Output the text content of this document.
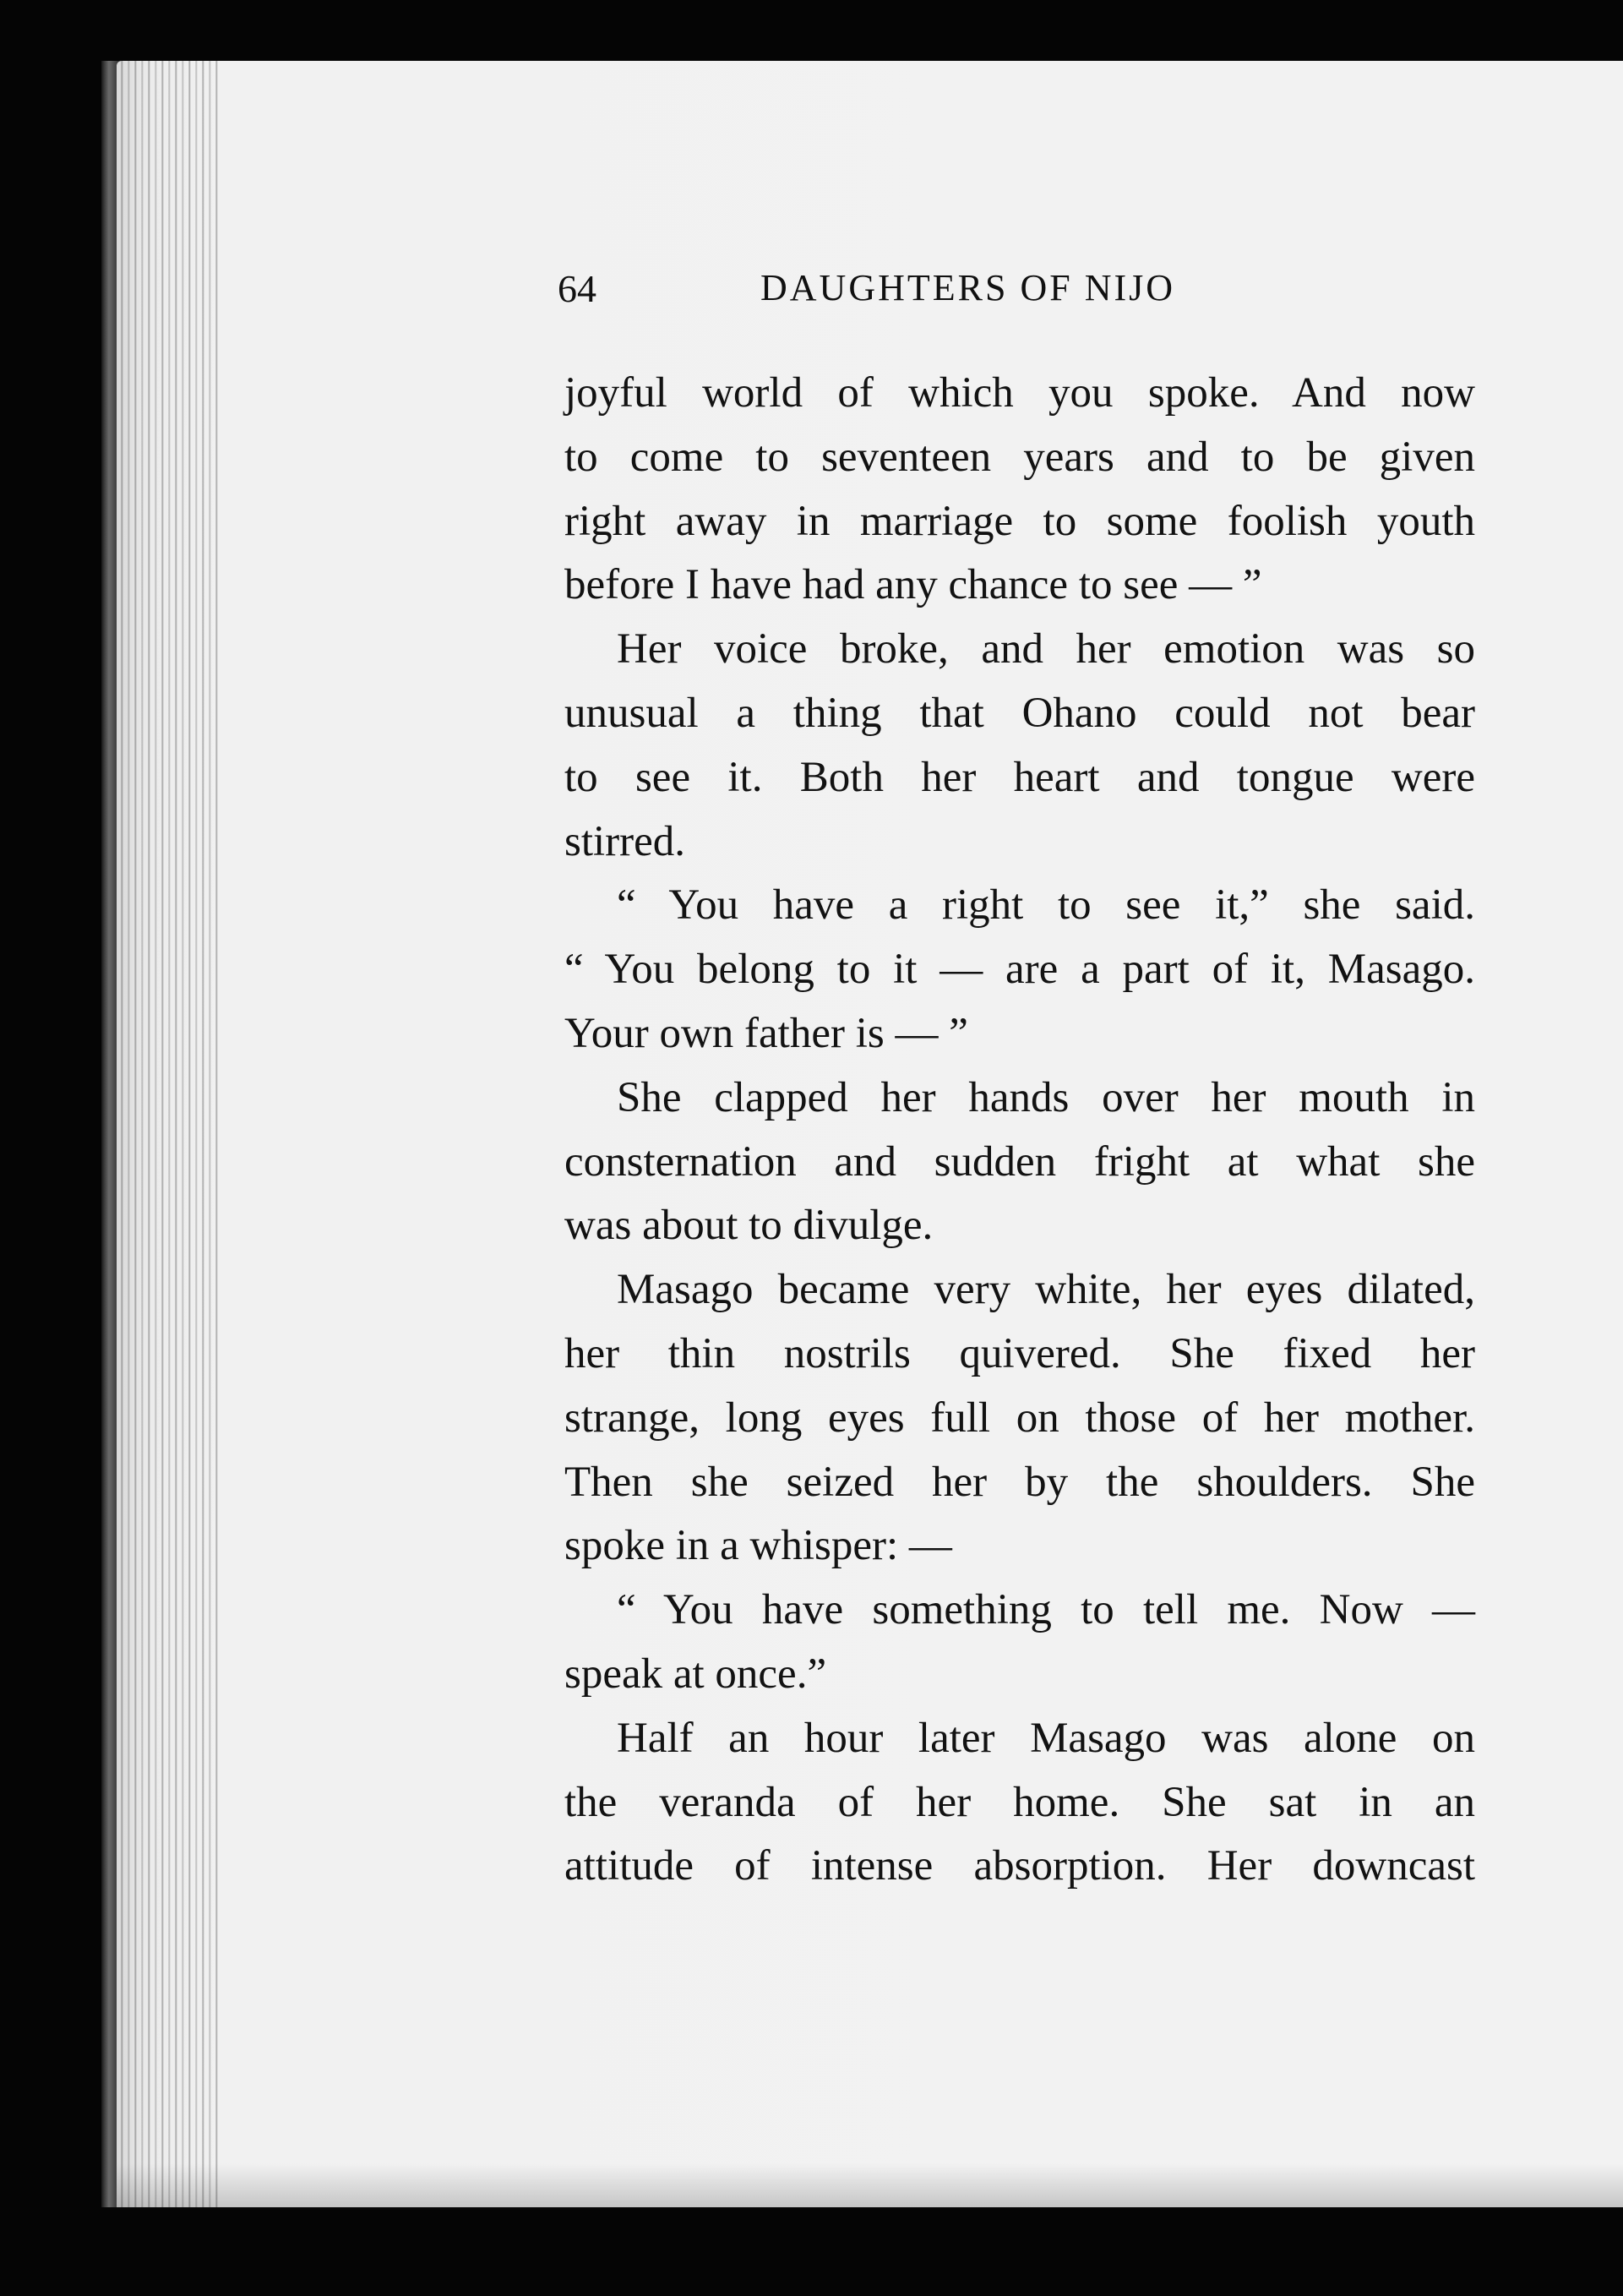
64	DAUGHTERS OF NIJO
joyful world of which you spoke. And now
to come to seventeen years and to be given
right away in marriage to some foolish youth
before I have had any chance to see — ”
Her voice broke, and her emotion was so
unusual a thing that Ohano could not bear
to see it. Both her heart and tongue were
stirred.
“ You have a right to see it,” she said.
“ You belong to it — are a part of it, Masago.
Your own father is — ”
She clapped her hands over her mouth in
consternation and sudden fright at what she
was about to divulge.
Masago became very white, her eyes dilated,
her thin nostrils quivered. She fixed her
strange, long eyes full on those of her mother.
Then she seized her by the shoulders. She
spoke in a whisper: —
“ You have something to tell me. Now —
speak at once.”
Half an hour later Masago was alone on
the veranda of her home. She sat in an
attitude of intense absorption. Her downcast
